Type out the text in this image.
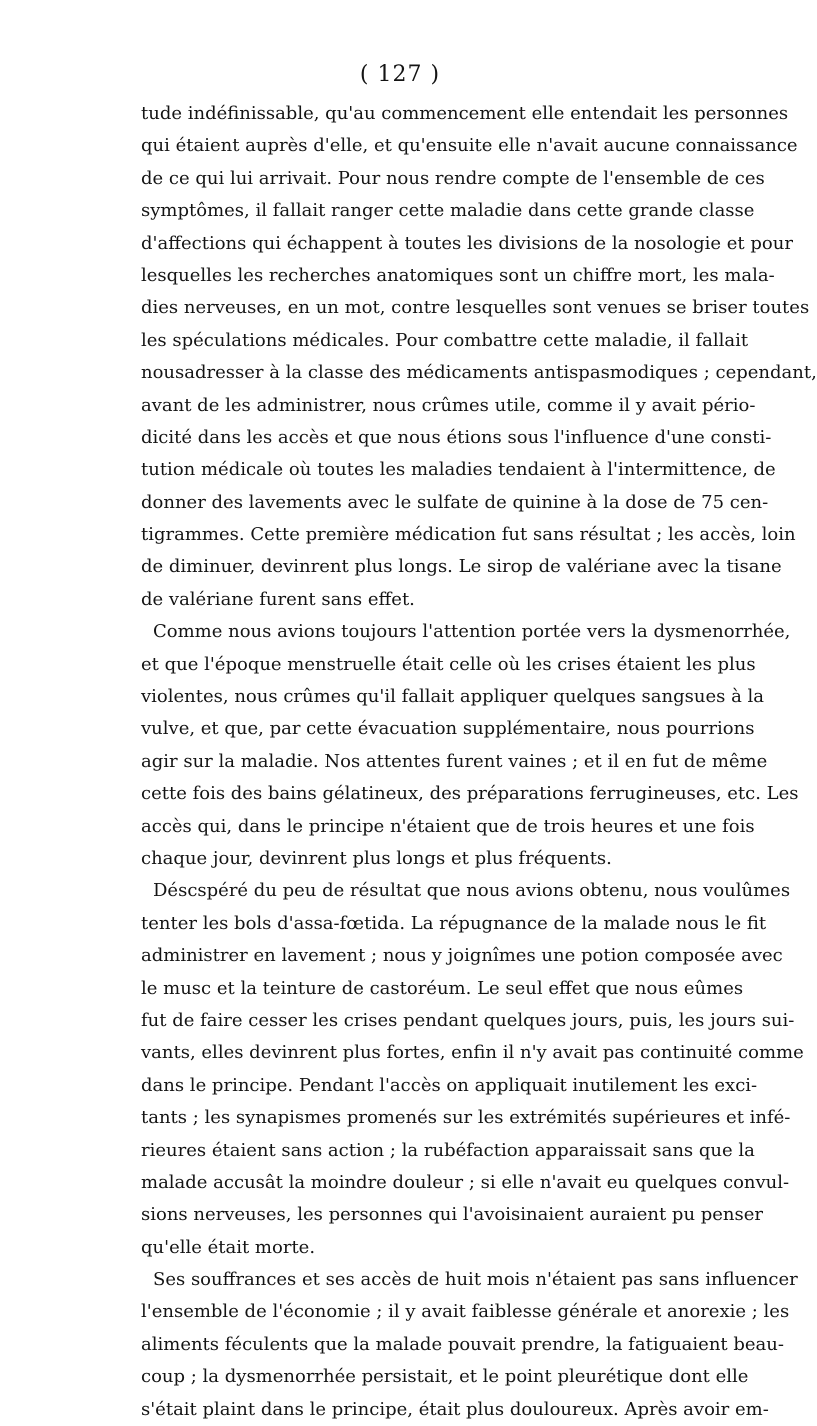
( 127 )
tude indéfinissable, qu'au commencement elle entendait les personnes
qui étaient auprès d'elle, et qu'ensuite elle n'avait aucune connaissance
de ce qui lui arrivait. Pour nous rendre compte de l'ensemble de ces
symptômes, il fallait ranger cette maladie dans cette grande classe
d'affections qui échappent à toutes les divisions de la nosologie et pour
lesquelles les recherches anatomiques sont un chiffre mort, les mala-
dies nerveuses, en un mot, contre lesquelles sont venues se briser toutes
les spéculations médicales. Pour combattre cette maladie, il fallait
nousadresser à la classe des médicaments antispasmodiques ; cependant,
avant de les administrer, nous crûmes utile, comme il y avait pério-
dicité dans les accès et que nous étions sous l'influence d'une consti-
tution médicale où toutes les maladies tendaient à l'intermittence, de
donner des lavements avec le sulfate de quinine à la dose de 75 cen-
tigrammes. Cette première médication fut sans résultat ; les accès, loin
de diminuer, devinrent plus longs. Le sirop de valériane avec la tisane
de valériane furent sans effet.
Comme nous avions toujours l'attention portée vers la dysmenorrhée,
et que l'époque menstruelle était celle où les crises étaient les plus
violentes, nous crûmes qu'il fallait appliquer quelques sangsues à la
vulve, et que, par cette évacuation supplémentaire, nous pourrions
agir sur la maladie. Nos attentes furent vaines ; et il en fut de même
cette fois des bains gélatineux, des préparations ferrugineuses, etc. Les
accès qui, dans le principe n'étaient que de trois heures et une fois
chaque jour, devinrent plus longs et plus fréquents.
Déscspéré du peu de résultat que nous avions obtenu, nous voulûmes
tenter les bols d'assa-fœtida. La répugnance de la malade nous le fit
administrer en lavement ; nous y joignîmes une potion composée avec
le musc et la teinture de castoréum. Le seul effet que nous eûmes
fut de faire cesser les crises pendant quelques jours, puis, les jours sui-
vants, elles devinrent plus fortes, enfin il n'y avait pas continuité comme
dans le principe. Pendant l'accès on appliquait inutilement les exci-
tants ; les synapismes promenés sur les extrémités supérieures et infé-
rieures étaient sans action ; la rubéfaction apparaissait sans que la
malade accusât la moindre douleur ; si elle n'avait eu quelques convul-
sions nerveuses, les personnes qui l'avoisinaient auraient pu penser
qu'elle était morte.
Ses souffrances et ses accès de huit mois n'étaient pas sans influencer
l'ensemble de l'économie ; il y avait faiblesse générale et anorexie ; les
aliments féculents que la malade pouvait prendre, la fatiguaient beau-
coup ; la dysmenorrhée persistait, et le point pleurétique dont elle
s'était plaint dans le principe, était plus douloureux. Après avoir em-
